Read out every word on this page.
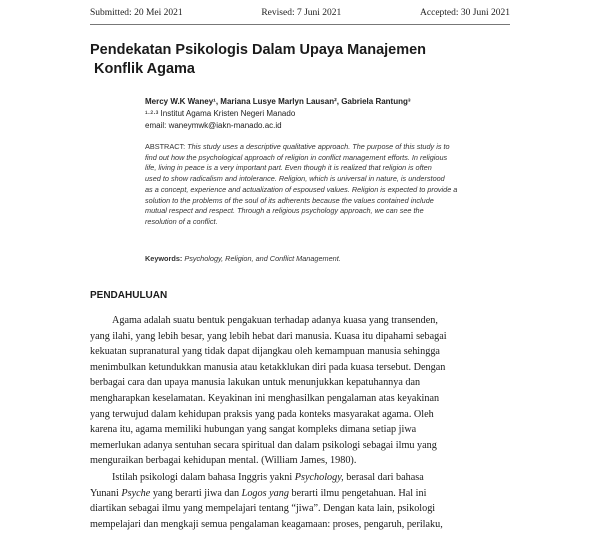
Submitted: 20 Mei 2021	Revised: 7 Juni 2021	Accepted: 30 Juni 2021
Pendekatan Psikologis Dalam Upaya Manajemen
Konflik Agama
Mercy W.K Waney¹, Mariana Lusye Marlyn Lausan², Gabriela Rantung³
¹·²·³ Institut Agama Kristen Negeri Manado
email: waneymwk@iakn-manado.ac.id
ABSTRACT: This study uses a descriptive qualitative approach. The purpose of this study is to
find out how the psychological approach of religion in conflict management efforts. In religious
life, living in peace is a very important part. Even though it is realized that religion is often
used to show radicalism and intolerance. Religion, which is universal in nature, is understood
as a concept, experience and actualization of espoused values. Religion is expected to provide a
solution to the problems of the soul of its adherents because the values contained include
mutual respect and respect. Through a religious psychology approach, we can see the
resolution of a conflict.
Keywords: Psychology, Religion, and Conflict Management.
PENDAHULUAN
Agama adalah suatu bentuk pengakuan terhadap adanya kuasa yang transenden,
yang ilahi, yang lebih besar, yang lebih hebat dari manusia. Kuasa itu dipahami sebagai
kekuatan supranatural yang tidak dapat dijangkau oleh kemampuan manusia sehingga
menimbulkan ketundukkan manusia atau ketakklukan diri pada kuasa tersebut. Dengan
berbagai cara dan upaya manusia lakukan untuk menunjukkan kepatuhannya dan
mengharapkan keselamatan. Keyakinan ini menghasilkan pengalaman atas keyakinan
yang terwujud dalam kehidupan praksis yang pada konteks masyarakat agama. Oleh
karena itu, agama memiliki hubungan yang sangat kompleks dimana setiap jiwa
memerlukan adanya sentuhan secara spiritual dan dalam psikologi sebagai ilmu yang
menguraikan berbagai kehidupan mental. (William James, 1980).
Istilah psikologi dalam bahasa Inggris yakni Psychology, berasal dari bahasa
Yunani Psyche yang berarti jiwa dan Logos yang berarti ilmu pengetahuan. Hal ini
diartikan sebagai ilmu yang mempelajari tentang “jiwa”. Dengan kata lain, psikologi
mempelajari dan mengkaji semua pengalaman keagamaan: proses, pengaruh, perilaku,
